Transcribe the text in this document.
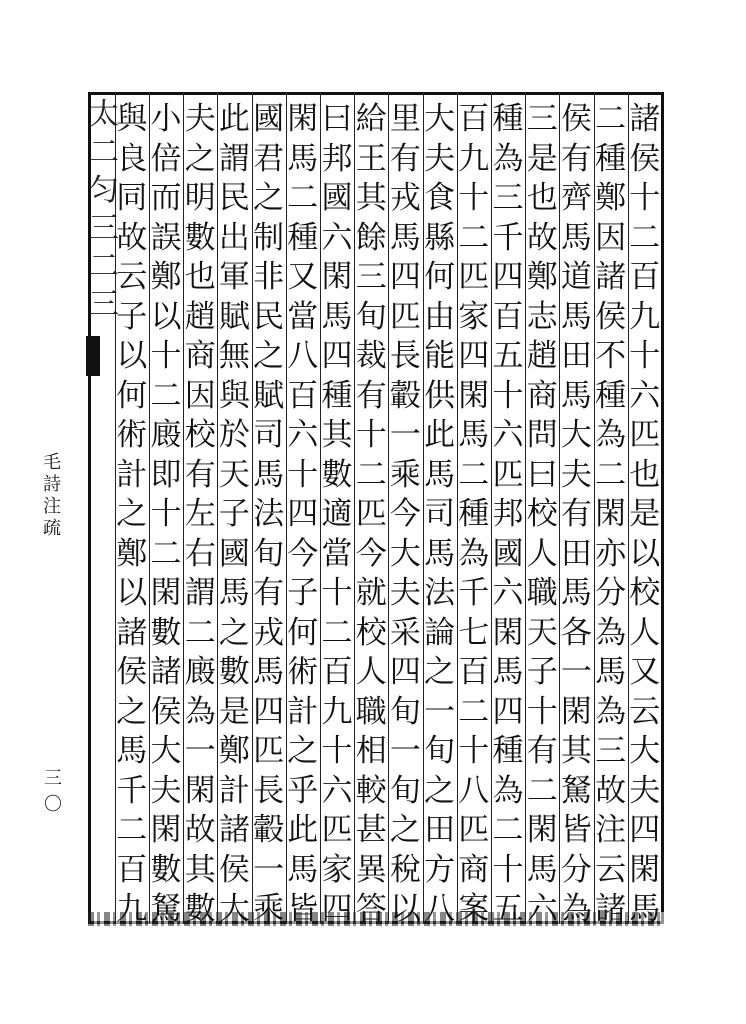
太
二
匀
三
二
三
毛
詩
注
疏
三〇
諸
侯
十
二
百
九
十
六
匹
也
是
以
校
人
又
云
大
夫
四
閑
馬
二
種
鄭
因
諸
侯
不
種
為
二
閑
亦
分
為
馬
為
三
故
注
云
諸
侯
有
齊
馬
道
馬
田
馬
大
夫
有
田
馬
各
一
閑
其
駑
皆
分
為
三
是
也
故
鄭
志
趙
商
問
曰
校
人
職
天
子
十
有
二
閑
馬
六
種
為
三
千
四
百
五
十
六
匹
邦
國
六
閑
馬
四
種
為
二
十
五
百
九
十
二
匹
家
四
閑
馬
二
種
為
千
七
百
二
十
八
匹
商
案
大
夫
食
縣
何
由
能
供
此
馬
司
馬
法
論
之
一
旬
之
田
方
八
里
有
戎
馬
四
匹
長
轂
一
乘
今
大
夫
采
四
旬
一
旬
之
稅
以
給
王
其
餘
三
旬
裁
有
十
二
匹
今
就
校
人
職
相
較
甚
異
答
曰
邦
國
六
閑
馬
四
種
其
數
適
當
十
二
百
九
十
六
匹
家
四
閑
馬
二
種
又
當
八
百
六
十
四
今
子
何
術
計
之
乎
此
馬
皆
國
君
之
制
非
民
之
賦
司
馬
法
旬
有
戎
馬
四
匹
長
轂
一
乘
此
謂
民
出
軍
賦
無
與
於
天
子
國
馬
之
數
是
鄭
計
諸
侯
大
夫
之
明
數
也
趙
商
因
校
有
左
右
謂
二
廄
為
一
閑
故
其
數
小
倍
而
誤
鄭
以
十
二
廄
即
十
二
閑
數
諸
侯
大
夫
閑
數
駑
與
良
同
故
云
子
以
何
術
計
之
鄭
以
諸
侯
之
馬
千
二
百
九
